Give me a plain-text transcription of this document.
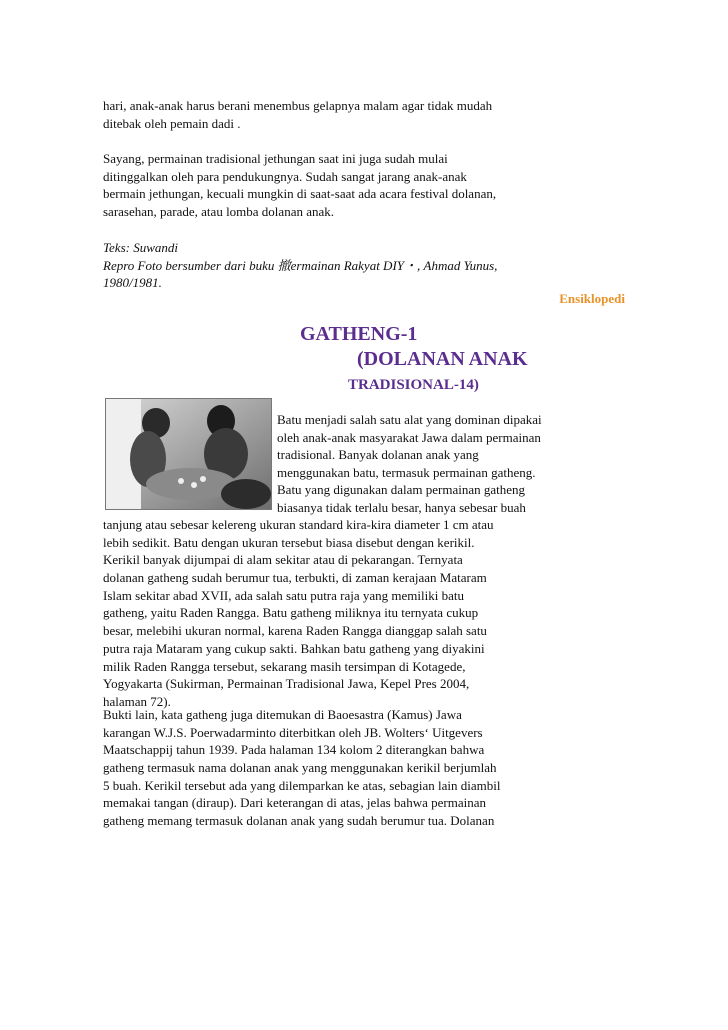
hari, anak-anak harus berani menembus gelapnya malam agar tidak mudah
ditebak oleh pemain dadi .
Sayang, permainan tradisional jethungan saat ini juga sudah mulai
ditinggalkan oleh para pendukungnya. Sudah sangat jarang anak-anak
bermain jethungan, kecuali mungkin di saat-saat ada acara festival dolanan,
sarasehan, parade, atau lomba dolanan anak.
Teks: Suwandi
Repro Foto bersumber dari buku 撤ermainan Rakyat DIY・, Ahmad Yunus,
1980/1981.
Ensiklopedi
GATHENG-1
(DOLANAN ANAK
TRADISIONAL-14)
Batu menjadi salah satu alat yang dominan dipakai
oleh anak-anak masyarakat Jawa dalam permainan
tradisional. Banyak dolanan anak yang
menggunakan batu, termasuk permainan gatheng.
Batu yang digunakan dalam permainan gatheng
biasanya tidak terlalu besar, hanya sebesar buah
tanjung atau sebesar kelereng ukuran standard kira-kira diameter 1 cm atau
lebih sedikit. Batu dengan ukuran tersebut biasa disebut dengan kerikil.
Kerikil banyak dijumpai di alam sekitar atau di pekarangan. Ternyata
dolanan gatheng sudah berumur tua, terbukti, di zaman kerajaan Mataram
Islam sekitar abad XVII, ada salah satu putra raja yang memiliki batu
gatheng, yaitu Raden Rangga. Batu gatheng miliknya itu ternyata cukup
besar, melebihi ukuran normal, karena Raden Rangga dianggap salah satu
putra raja Mataram yang cukup sakti. Bahkan batu gatheng yang diyakini
milik Raden Rangga tersebut, sekarang masih tersimpan di Kotagede,
Yogyakarta (Sukirman, Permainan Tradisional Jawa, Kepel Pres 2004,
halaman 72).
Bukti lain, kata gatheng juga ditemukan di Baoesastra (Kamus) Jawa
karangan W.J.S. Poerwadarminto diterbitkan oleh JB. Wolters‘ Uitgevers
Maatschappij tahun 1939. Pada halaman 134 kolom 2 diterangkan bahwa
gatheng termasuk nama dolanan anak yang menggunakan kerikil berjumlah
5 buah. Kerikil tersebut ada yang dilemparkan ke atas, sebagian lain diambil
memakai tangan (diraup). Dari keterangan di atas, jelas bahwa permainan
gatheng memang termasuk dolanan anak yang sudah berumur tua. Dolanan
